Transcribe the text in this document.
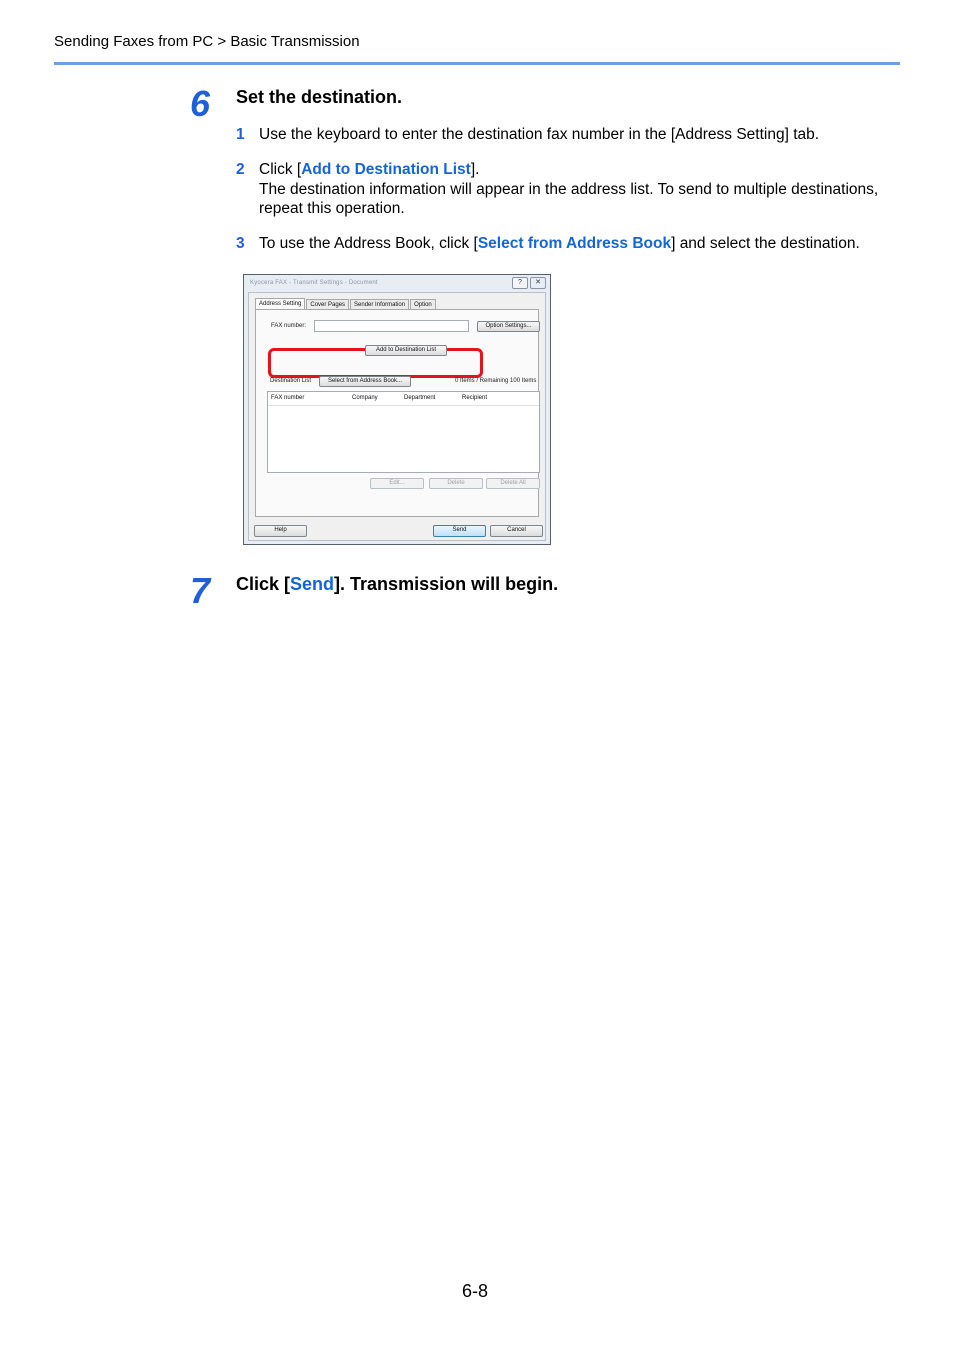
Sending Faxes from PC > Basic Transmission
6 Set the destination.
1 Use the keyboard to enter the destination fax number in the [Address Setting] tab.
2 Click [Add to Destination List].
The destination information will appear in the address list. To send to multiple destinations, repeat this operation.
3 To use the Address Book, click [Select from Address Book] and select the destination.
Kyocera FAX - Transmit Settings - Document	?	✕
Address Setting	Cover Pages	Sender Information	Option
FAX number:	Option Settings...
Add to Destination List
Destination List	Select from Address Book...	0 Items / Remaining 100 Items
FAX number	Company	Department	Recipient
Edit...	Delete	Delete All
Help	Send	Cancel
7 Click [Send]. Transmission will begin.
6-8
